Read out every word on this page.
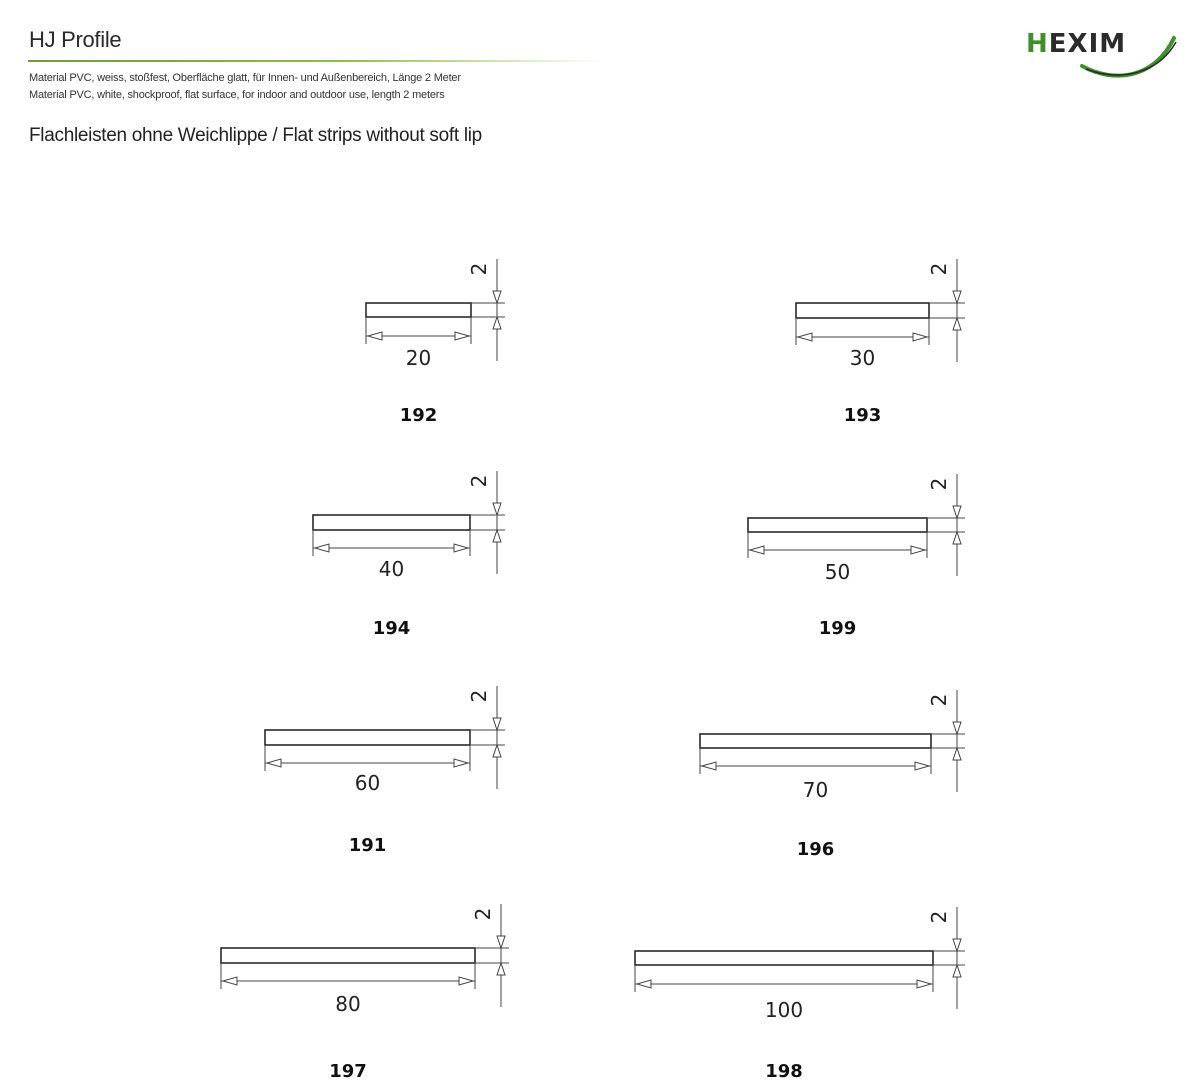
HJ Profile
Material PVC, weiss, stoßfest, Oberfläche glatt, für Innen- und Außenbereich, Länge 2 Meter
Material PVC, white, shockproof, flat surface, for indoor and outdoor use, length 2 meters
Flachleisten ohne Weichlippe / Flat strips without soft lip
HEXIM
2
20
192
2
30
193
2
40
194
2
50
199
2
60
191
2
70
196
2
80
197
2
100
198
